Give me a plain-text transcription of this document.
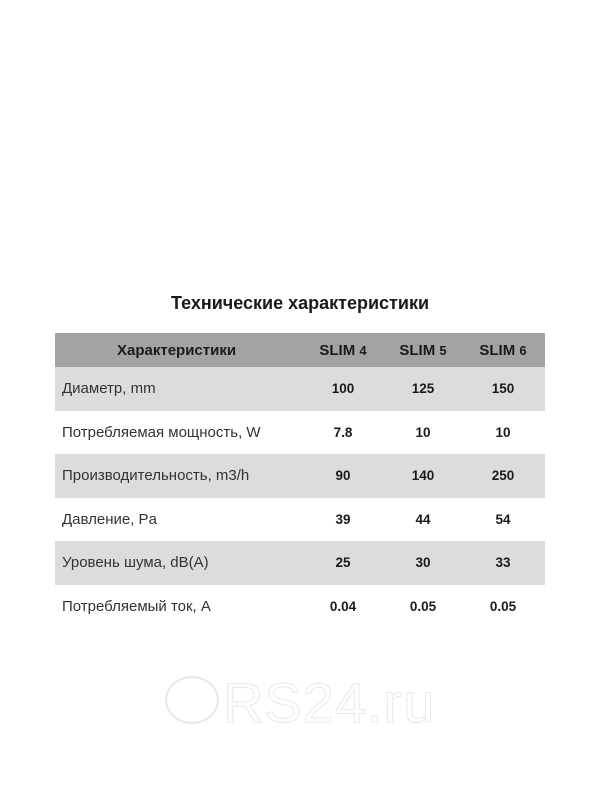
Технические характеристики
Характеристики	SLIM 4	SLIM 5	SLIM 6
Диаметр, mm	100	125	150
Потребляемая мощность, W	7.8	10	10
Производительность, m3/h	90	140	250
Давление, Pa	39	44	54
Уровень шума, dB(A)	25	30	33
Потребляемый ток, A	0.04	0.05	0.05
RS24.ru
